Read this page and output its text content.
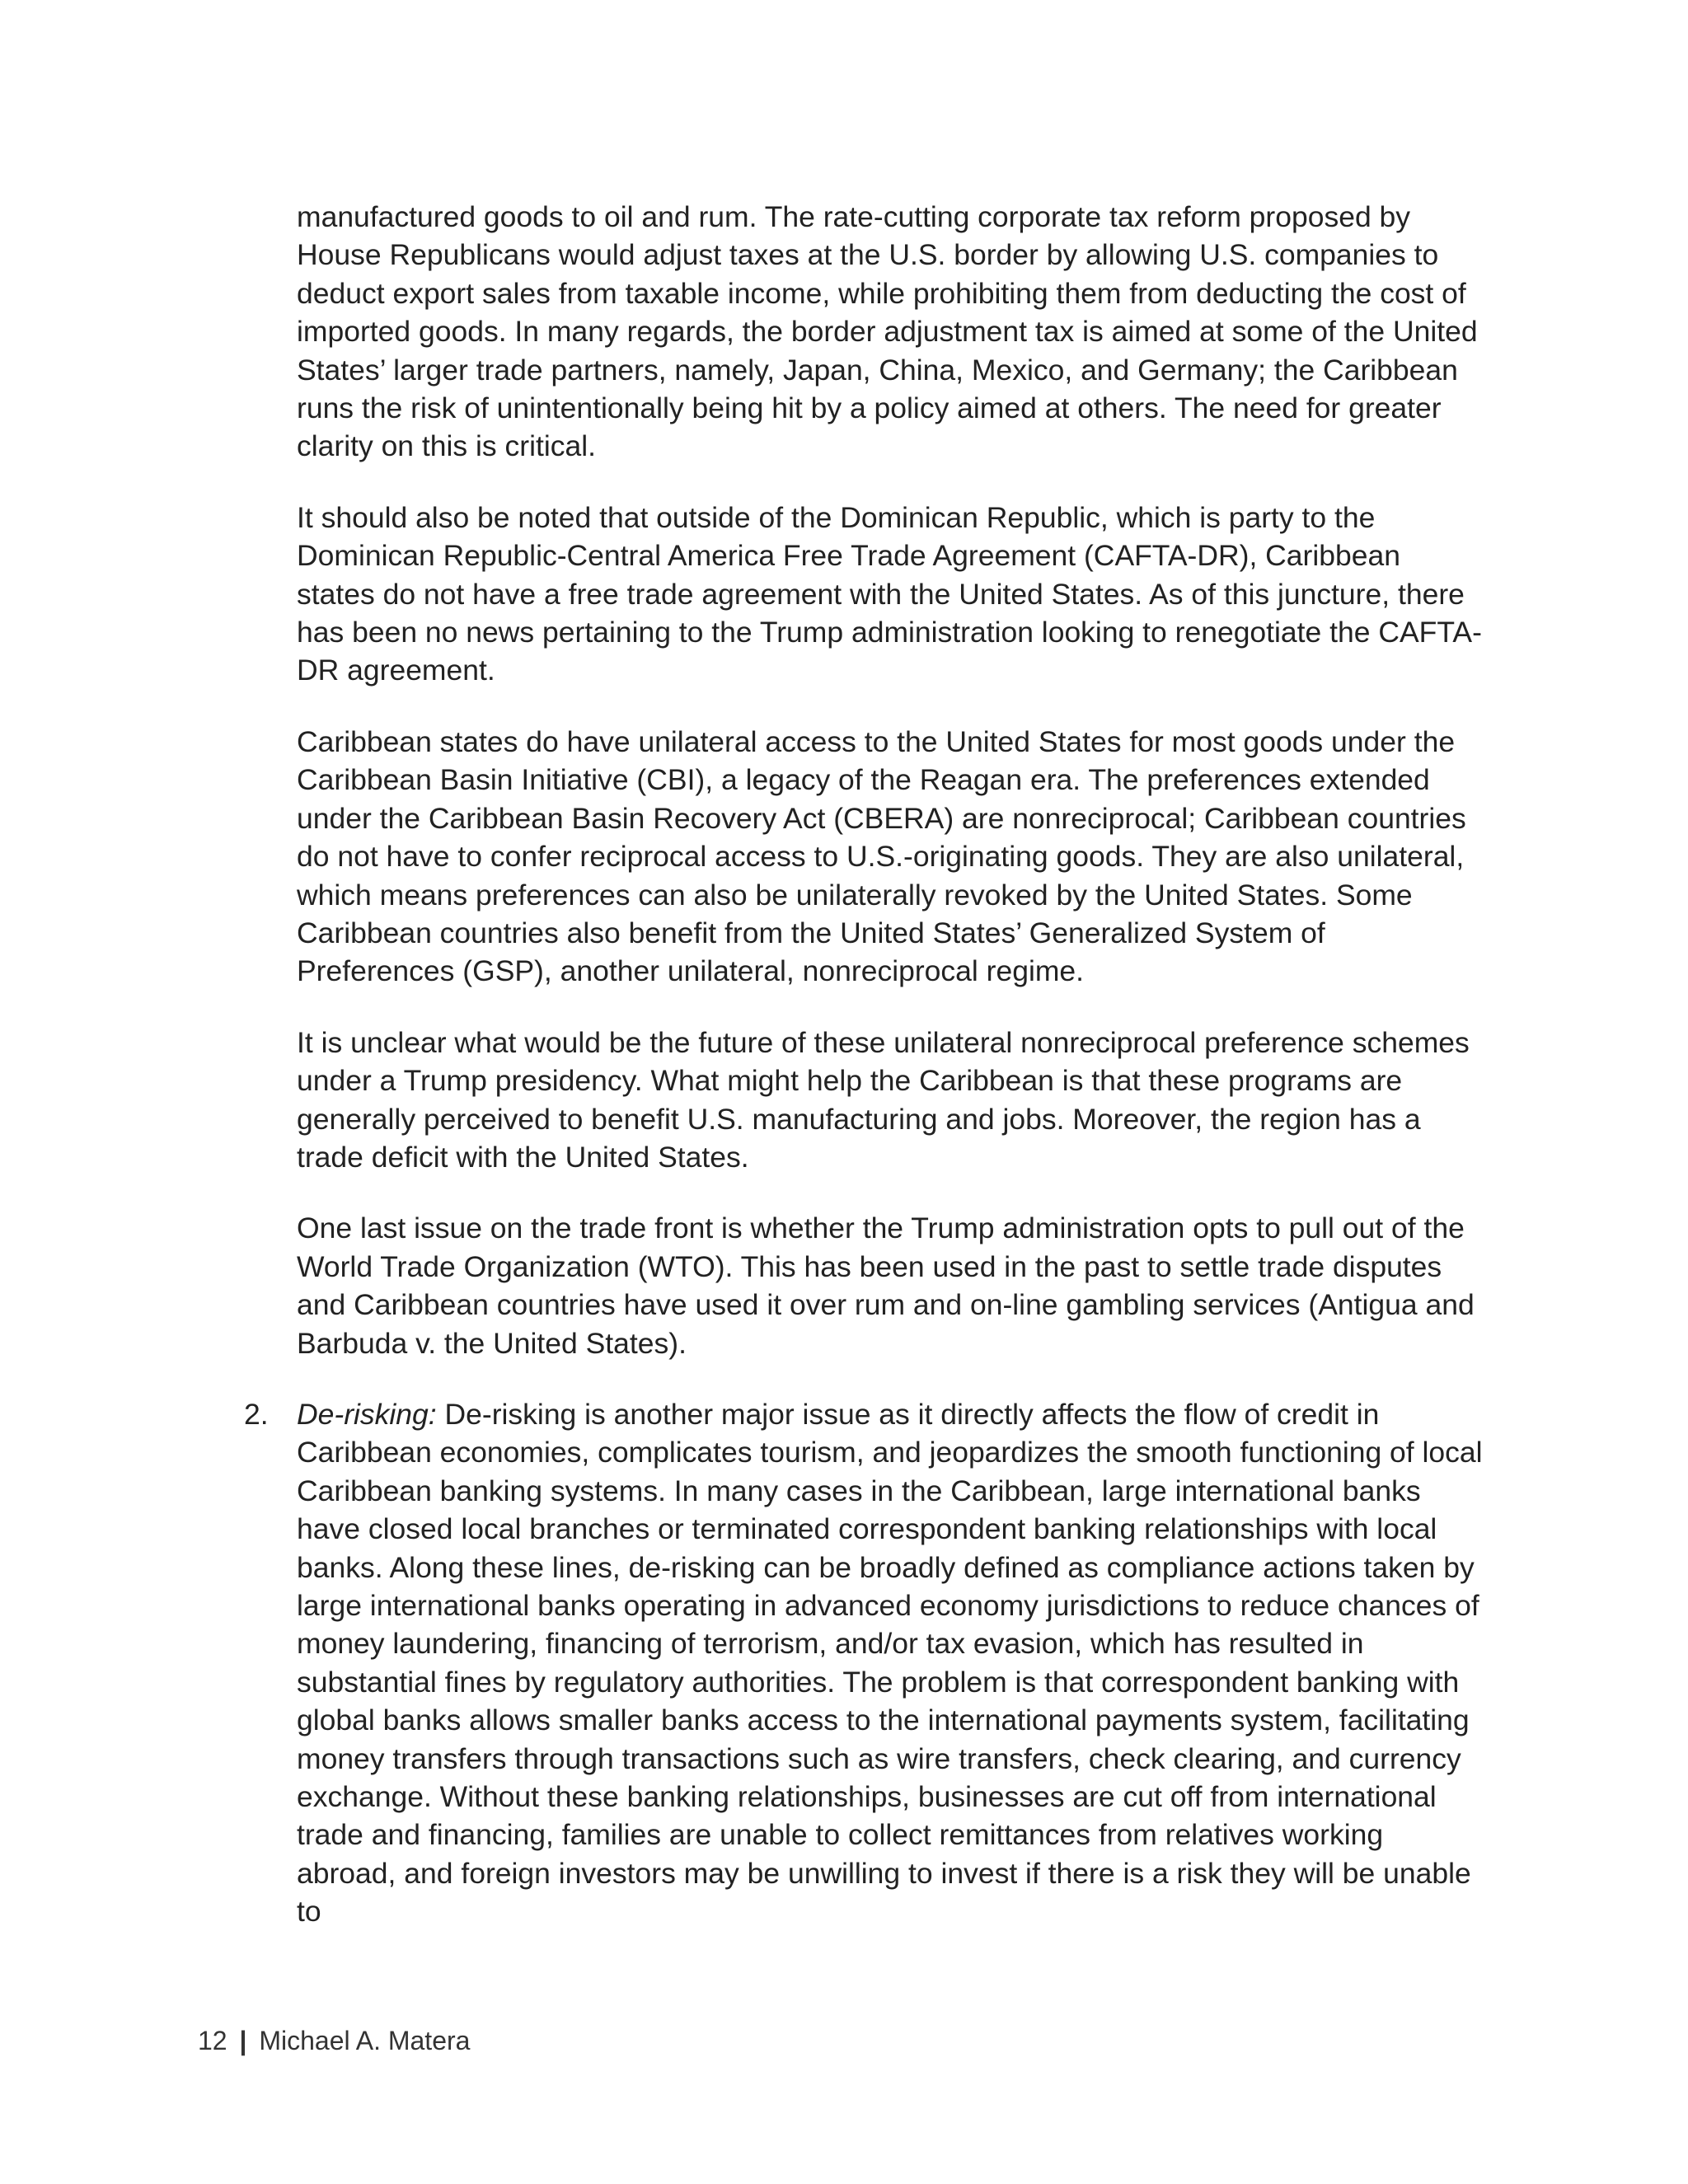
manufactured goods to oil and rum. The rate-cutting corporate tax reform proposed by House Republicans would adjust taxes at the U.S. border by allowing U.S. companies to deduct export sales from taxable income, while prohibiting them from deducting the cost of imported goods. In many regards, the border adjustment tax is aimed at some of the United States’ larger trade partners, namely, Japan, China, Mexico, and Germany; the Caribbean runs the risk of unintentionally being hit by a policy aimed at others. The need for greater clarity on this is critical.

It should also be noted that outside of the Dominican Republic, which is party to the Dominican Republic-Central America Free Trade Agreement (CAFTA-DR), Caribbean states do not have a free trade agreement with the United States. As of this juncture, there has been no news pertaining to the Trump administration looking to renegotiate the CAFTA-DR agreement.

Caribbean states do have unilateral access to the United States for most goods under the Caribbean Basin Initiative (CBI), a legacy of the Reagan era. The preferences extended under the Caribbean Basin Recovery Act (CBERA) are nonreciprocal; Caribbean countries do not have to confer reciprocal access to U.S.-originating goods. They are also unilateral, which means preferences can also be unilaterally revoked by the United States. Some Caribbean countries also benefit from the United States’ Generalized System of Preferences (GSP), another unilateral, nonreciprocal regime.

It is unclear what would be the future of these unilateral nonreciprocal preference schemes under a Trump presidency. What might help the Caribbean is that these programs are generally perceived to benefit U.S. manufacturing and jobs. Moreover, the region has a trade deficit with the United States.

One last issue on the trade front is whether the Trump administration opts to pull out of the World Trade Organization (WTO). This has been used in the past to settle trade disputes and Caribbean countries have used it over rum and on-line gambling services (Antigua and Barbuda v. the United States).

2. De-risking: De-risking is another major issue as it directly affects the flow of credit in Caribbean economies, complicates tourism, and jeopardizes the smooth functioning of local Caribbean banking systems. In many cases in the Caribbean, large international banks have closed local branches or terminated correspondent banking relationships with local banks. Along these lines, de-risking can be broadly defined as compliance actions taken by large international banks operating in advanced economy jurisdictions to reduce chances of money laundering, financing of terrorism, and/or tax evasion, which has resulted in substantial fines by regulatory authorities. The problem is that correspondent banking with global banks allows smaller banks access to the international payments system, facilitating money transfers through transactions such as wire transfers, check clearing, and currency exchange. Without these banking relationships, businesses are cut off from international trade and financing, families are unable to collect remittances from relatives working abroad, and foreign investors may be unwilling to invest if there is a risk they will be unable to
12 | Michael A. Matera
